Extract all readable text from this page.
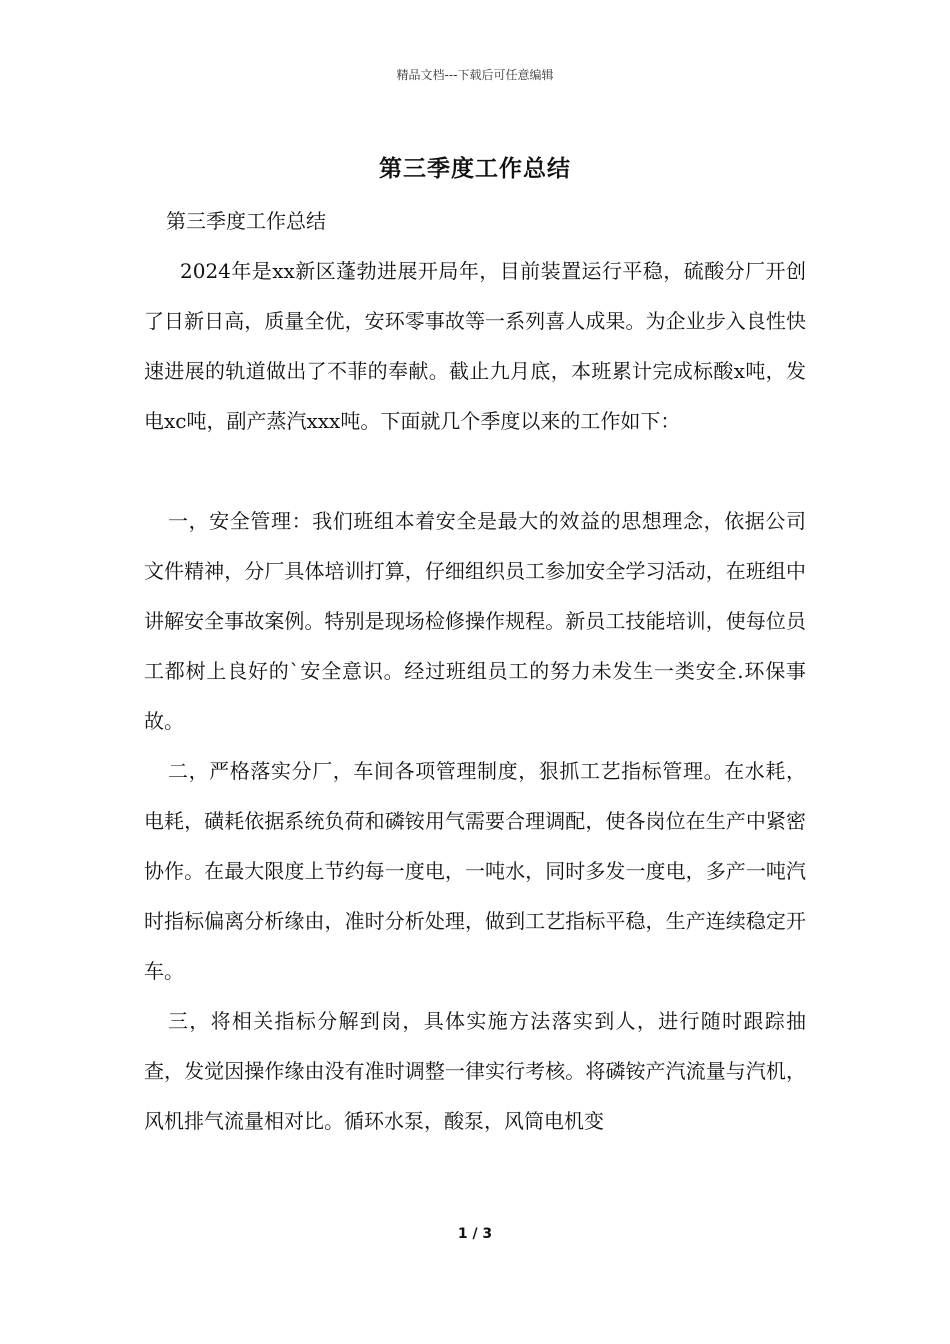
精品文档---下载后可任意编辑
第三季度工作总结

第三季度工作总结

2024年是xx新区蓬勃进展开局年，目前装置运行平稳，硫酸分厂开创了日新日高，质量全优，安环零事故等一系列喜人成果。为企业步入良性快速进展的轨道做出了不菲的奉献。截止九月底，本班累计完成标酸x吨，发电xc吨，副产蒸汽xxx吨。下面就几个季度以来的工作如下：

一，安全管理：我们班组本着安全是最大的效益的思想理念，依据公司文件精神，分厂具体培训打算，仔细组织员工参加安全学习活动，在班组中讲解安全事故案例。特别是现场检修操作规程。新员工技能培训，使每位员工都树上良好的`安全意识。经过班组员工的努力未发生一类安全.环保事故。

二，严格落实分厂，车间各项管理制度，狠抓工艺指标管理。在水耗，电耗，磺耗依据系统负荷和磷铵用气需要合理调配，使各岗位在生产中紧密协作。在最大限度上节约每一度电，一吨水，同时多发一度电，多产一吨汽时指标偏离分析缘由，准时分析处理，做到工艺指标平稳，生产连续稳定开车。

三，将相关指标分解到岗，具体实施方法落实到人，进行随时跟踪抽查，发觉因操作缘由没有准时调整一律实行考核。将磷铵产汽流量与汽机，风机排气流量相对比。循环水泵，酸泵，风筒电机变

1 / 3
